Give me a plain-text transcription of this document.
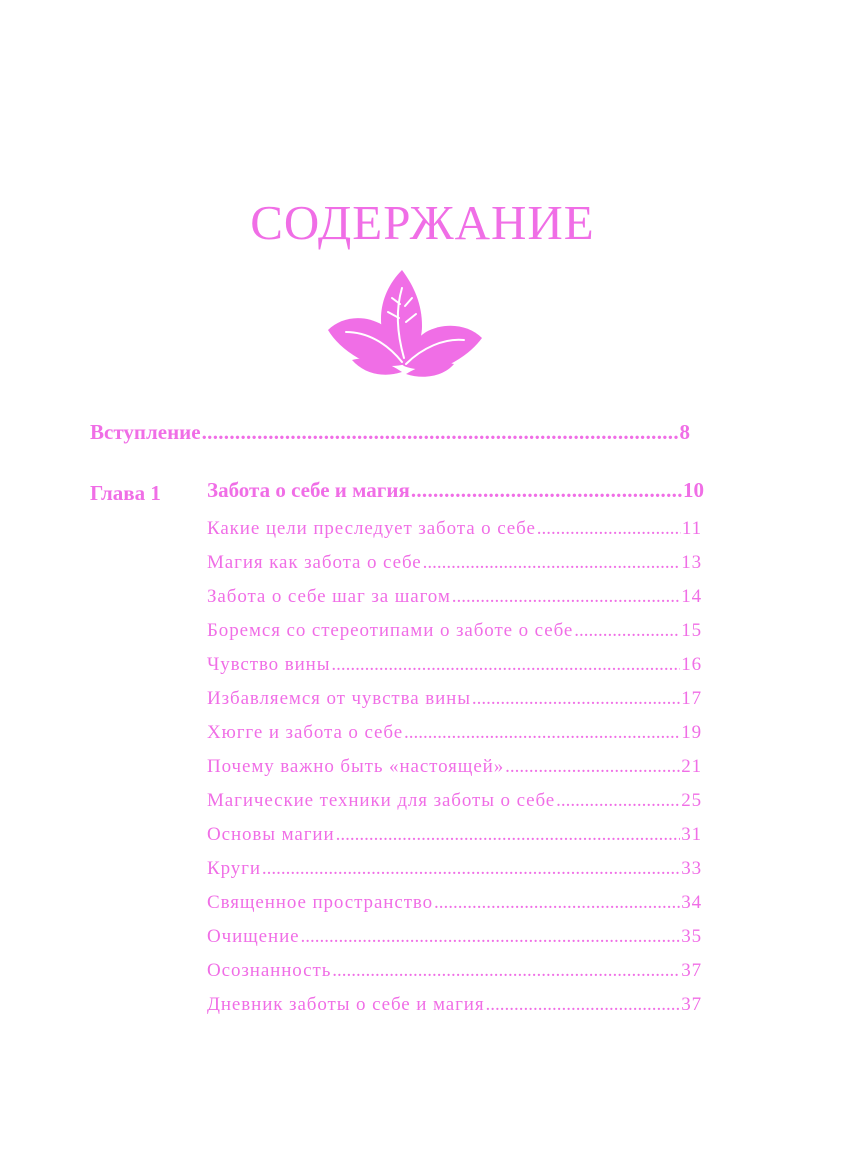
СОДЕРЖАНИЕ
Вступление .....	8
Глава 1 Забота о себе и магия .....	10
Какие цели преследует забота о себе .....	11
Магия как забота о себе .....	13
Забота о себе шаг за шагом .....	14
Боремся со стереотипами о заботе о себе .....	15
Чувство вины .....	16
Избавляемся от чувства вины .....	17
Хюгге и забота о себе .....	19
Почему важно быть «настоящей» .....	21
Магические техники для заботы о себе .....	25
Основы магии .....	31
Круги .....	33
Священное пространство .....	34
Очищение .....	35
Осознанность .....	37
Дневник заботы о себе и магия .....	37
